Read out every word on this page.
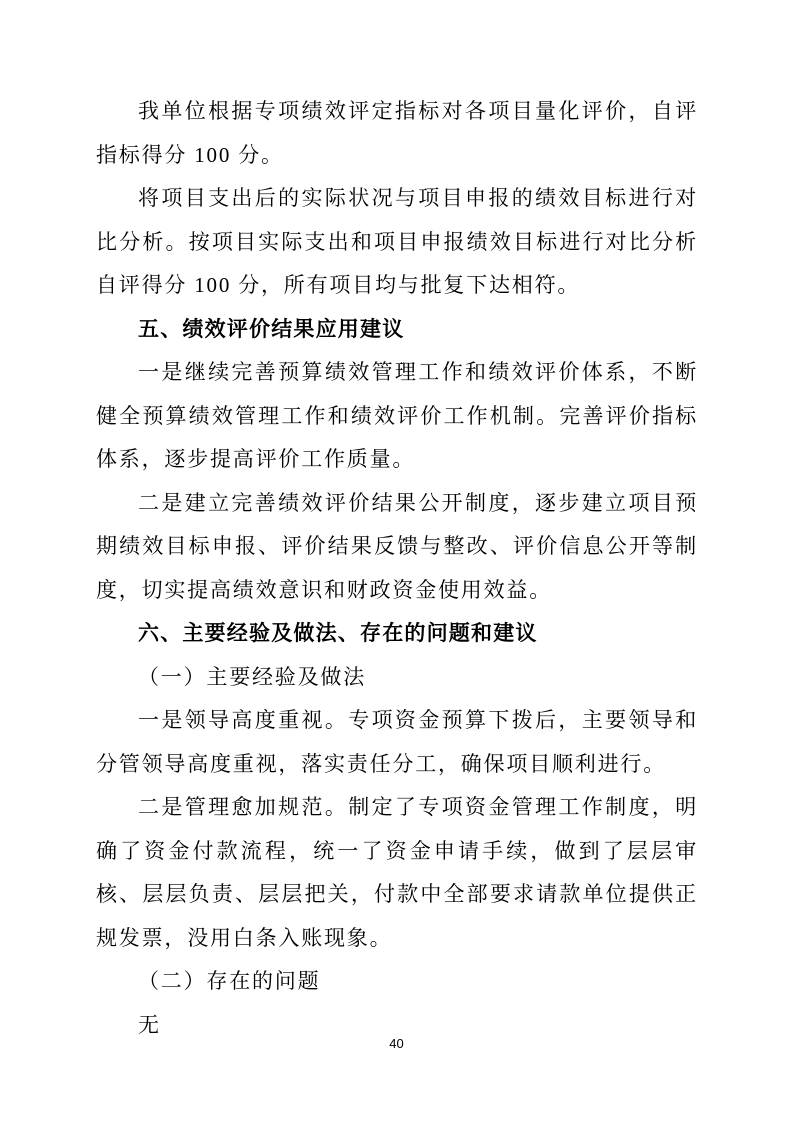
我单位根据专项绩效评定指标对各项目量化评价，自评指标得分 100 分。

将项目支出后的实际状况与项目申报的绩效目标进行对比分析。按项目实际支出和项目申报绩效目标进行对比分析自评得分 100 分，所有项目均与批复下达相符。

五、绩效评价结果应用建议

一是继续完善预算绩效管理工作和绩效评价体系，不断健全预算绩效管理工作和绩效评价工作机制。完善评价指标体系，逐步提高评价工作质量。

二是建立完善绩效评价结果公开制度，逐步建立项目预期绩效目标申报、评价结果反馈与整改、评价信息公开等制度，切实提高绩效意识和财政资金使用效益。

六、主要经验及做法、存在的问题和建议

（一）主要经验及做法

一是领导高度重视。专项资金预算下拨后，主要领导和分管领导高度重视，落实责任分工，确保项目顺利进行。

二是管理愈加规范。制定了专项资金管理工作制度，明确了资金付款流程，统一了资金申请手续，做到了层层审核、层层负责、层层把关，付款中全部要求请款单位提供正规发票，没用白条入账现象。

（二）存在的问题

无

40
